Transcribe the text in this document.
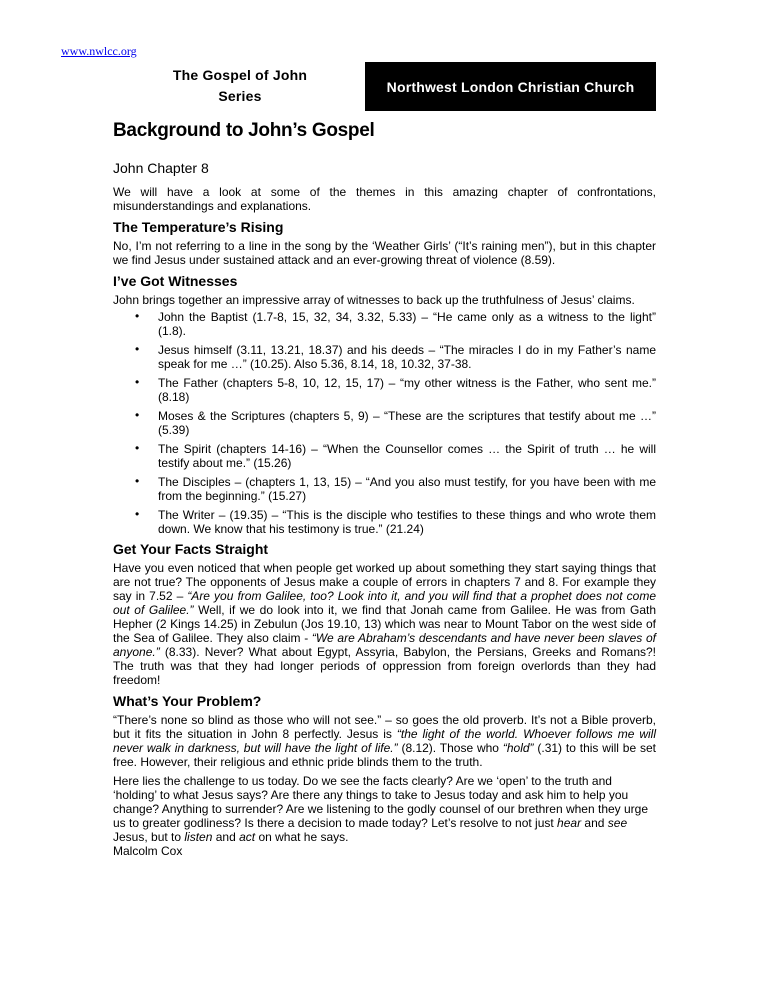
www.nwlcc.org
The Gospel of John
Series
Northwest London Christian Church
Background to John’s Gospel
John Chapter 8

We will have a look at some of the themes in this amazing chapter of confrontations, misunderstandings and explanations.

The Temperature’s Rising

No, I’m not referring to a line in the song by the ‘Weather Girls’ (“It’s raining men”), but in this chapter we find Jesus under sustained attack and an ever-growing threat of violence (8.59).

I’ve Got Witnesses

John brings together an impressive array of witnesses to back up the truthfulness of Jesus’ claims.

• John the Baptist (1.7-8, 15, 32, 34, 3.32, 5.33) – “He came only as a witness to the light” (1.8).
• Jesus himself (3.11, 13.21, 18.37) and his deeds – “The miracles I do in my Father’s name speak for me …” (10.25). Also 5.36, 8.14, 18, 10.32, 37-38.
• The Father (chapters 5-8, 10, 12, 15, 17) – “my other witness is the Father, who sent me.” (8.18)
• Moses & the Scriptures (chapters 5, 9) – “These are the scriptures that testify about me …” (5.39)
• The Spirit (chapters 14-16) – “When the Counsellor comes … the Spirit of truth … he will testify about me.” (15.26)
• The Disciples – (chapters 1, 13, 15) – “And you also must testify, for you have been with me from the beginning.” (15.27)
• The Writer – (19.35) – “This is the disciple who testifies to these things and who wrote them down. We know that his testimony is true.” (21.24)
Get Your Facts Straight

Have you even noticed that when people get worked up about something they start saying things that are not true? The opponents of Jesus make a couple of errors in chapters 7 and 8. For example they say in 7.52 – “Are you from Galilee, too? Look into it, and you will find that a prophet does not come out of Galilee.” Well, if we do look into it, we find that Jonah came from Galilee. He was from Gath Hepher (2 Kings 14.25) in Zebulun (Jos 19.10, 13) which was near to Mount Tabor on the west side of the Sea of Galilee. They also claim - “We are Abraham’s descendants and have never been slaves of anyone.” (8.33). Never? What about Egypt, Assyria, Babylon, the Persians, Greeks and Romans?! The truth was that they had longer periods of oppression from foreign overlords than they had freedom!

What’s Your Problem?

“There’s none so blind as those who will not see.” – so goes the old proverb. It’s not a Bible proverb, but it fits the situation in John 8 perfectly. Jesus is “the light of the world. Whoever follows me will never walk in darkness, but will have the light of life.” (8.12). Those who “hold” (.31) to this will be set free. However, their religious and ethnic pride blinds them to the truth.

Here lies the challenge to us today. Do we see the facts clearly? Are we ‘open’ to the truth and ‘holding’ to what Jesus says? Are there any things to take to Jesus today and ask him to help you change? Anything to surrender? Are we listening to the godly counsel of our brethren when they urge us to greater godliness? Is there a decision to made today? Let’s resolve to not just hear and see Jesus, but to listen and act on what he says.

Malcolm Cox
